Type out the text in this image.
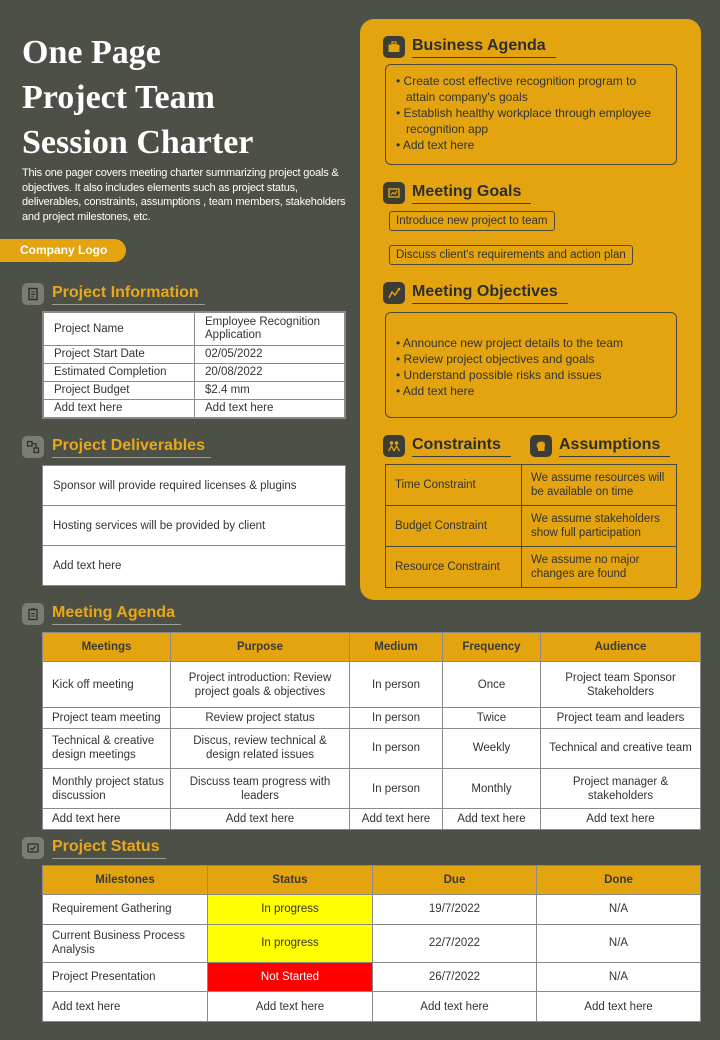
One Page
Project Team
Session Charter
This one pager covers meeting charter summarizing project goals & objectives. It also includes elements such as project status, deliverables, constraints, assumptions , team members, stakeholders and project milestones, etc.
Company Logo
Project Information
Project Name	Employee Recognition Application
Project Start Date	02/05/2022
Estimated Completion	20/08/2022
Project Budget	$2.4 mm
Add text here	Add text here
Project Deliverables
Sponsor will provide required licenses & plugins
Hosting services will be provided by client
Add text here
Business Agenda
• Create cost effective recognition program to attain company's goals
• Establish healthy workplace through employee recognition app
• Add text here
Meeting Goals
Introduce new project to team
Discuss client's requirements and action plan
Meeting Objectives
• Announce new project details to the team
• Review project objectives and goals
• Understand possible risks and issues
• Add text here
Constraints	Assumptions
Time Constraint	We assume resources will be available on time
Budget Constraint	We assume stakeholders show full participation
Resource Constraint	We assume no major changes are found
Meeting Agenda
Meetings	Purpose	Medium	Frequency	Audience
Kick off meeting	Project introduction: Review project goals & objectives	In person	Once	Project team Sponsor Stakeholders
Project team meeting	Review project status	In person	Twice	Project team and leaders
Technical & creative design meetings	Discus, review technical & design related issues	In person	Weekly	Technical and creative team
Monthly project status discussion	Discuss team progress with leaders	In person	Monthly	Project manager & stakeholders
Add text here	Add text here	Add text here	Add text here	Add text here
Project Status
Milestones	Status	Due	Done
Requirement Gathering	In progress	19/7/2022	N/A
Current Business Process Analysis	In progress	22/7/2022	N/A
Project Presentation	Not Started	26/7/2022	N/A
Add text here	Add text here	Add text here	Add text here
